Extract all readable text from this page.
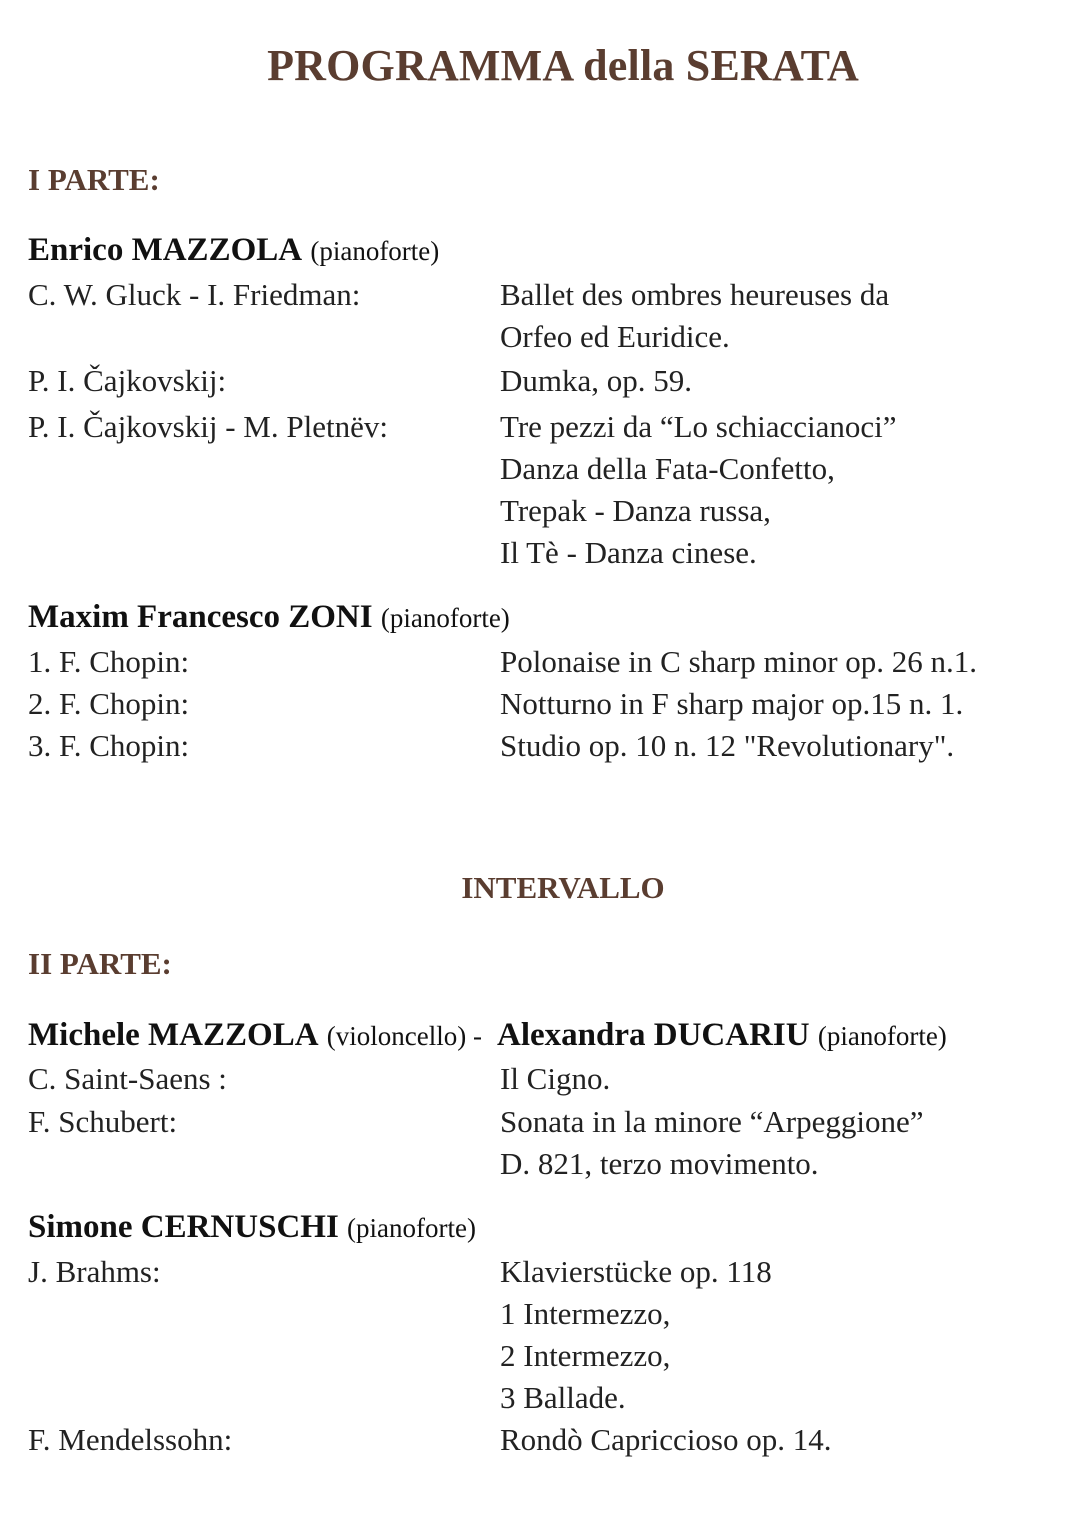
PROGRAMMA della SERATA
I PARTE:
Enrico MAZZOLA (pianoforte)
C. W. Gluck - I. Friedman:	Ballet des ombres heureuses da
Orfeo ed Euridice.
P. I. Čajkovskij:	Dumka, op. 59.
P. I. Čajkovskij - M. Pletnëv:	Tre pezzi da “Lo schiaccianoci”
Danza della Fata-Confetto,
Trepak - Danza russa,
Il Tè - Danza cinese.
Maxim Francesco ZONI (pianoforte)
1. F. Chopin:	Polonaise in C sharp minor op. 26 n.1.
2. F. Chopin:	Notturno in F sharp major op.15 n. 1.
3. F. Chopin:	Studio op. 10 n. 12 "Revolutionary".
INTERVALLO
II PARTE:
Michele MAZZOLA (violoncello) -  Alexandra DUCARIU (pianoforte)
C. Saint-Saens :	Il Cigno.
F. Schubert:	Sonata in la minore “Arpeggione”
D. 821, terzo movimento.
Simone CERNUSCHI (pianoforte)
J. Brahms:	Klavierstücke op. 118
1 Intermezzo,
2 Intermezzo,
3 Ballade.
F. Mendelssohn:	Rondò Capriccioso op. 14.
